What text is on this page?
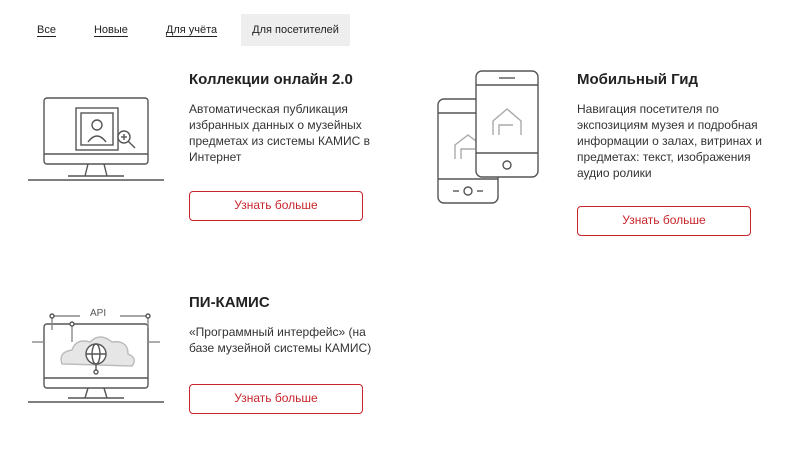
Все	Новые	Для учёта	Для посетителей
Коллекции онлайн 2.0
Автоматическая публикация избранных данных о музейных предметах из системы КАМИС в Интернет
Узнать больше
Мобильный Гид
Навигация посетителя по экспозициям музея и подробная информации о залах, витринах и предметах: текст, изображения аудио ролики
Узнать больше
API
ПИ-КАМИС
«Программный интерфейс» (на базе музейной системы КАМИС)
Узнать больше
